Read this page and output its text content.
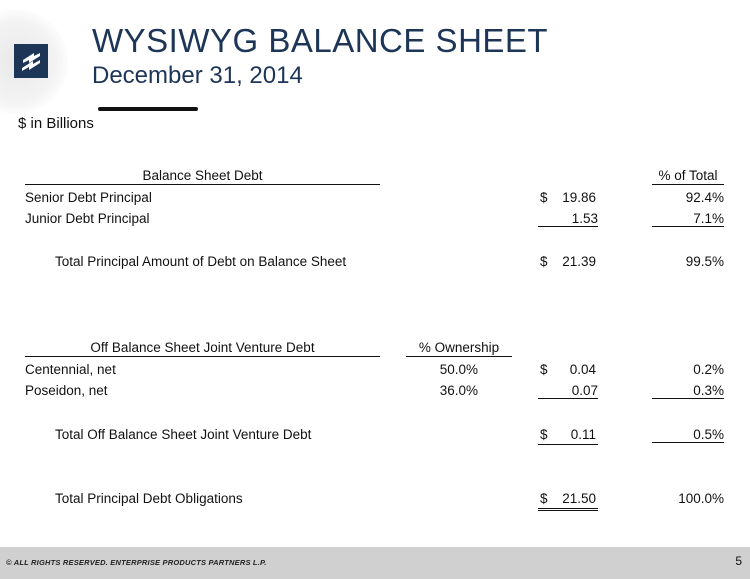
WYSIWYG BALANCE SHEET
December 31, 2014
$ in Billions
Balance Sheet Debt	% of Total
Senior Debt Principal	$	19.86	92.4%
Junior Debt Principal	1.53	7.1%
Total Principal Amount of Debt on Balance Sheet	$	21.39	99.5%
Off Balance Sheet Joint Venture Debt	% Ownership
Centennial, net	50.0%	$	0.04	0.2%
Poseidon, net	36.0%	0.07	0.3%
Total Off Balance Sheet Joint Venture Debt	$	0.11	0.5%
Total Principal Debt Obligations	$	21.50	100.0%
© ALL RIGHTS RESERVED. ENTERPRISE PRODUCTS PARTNERS L.P.	5
